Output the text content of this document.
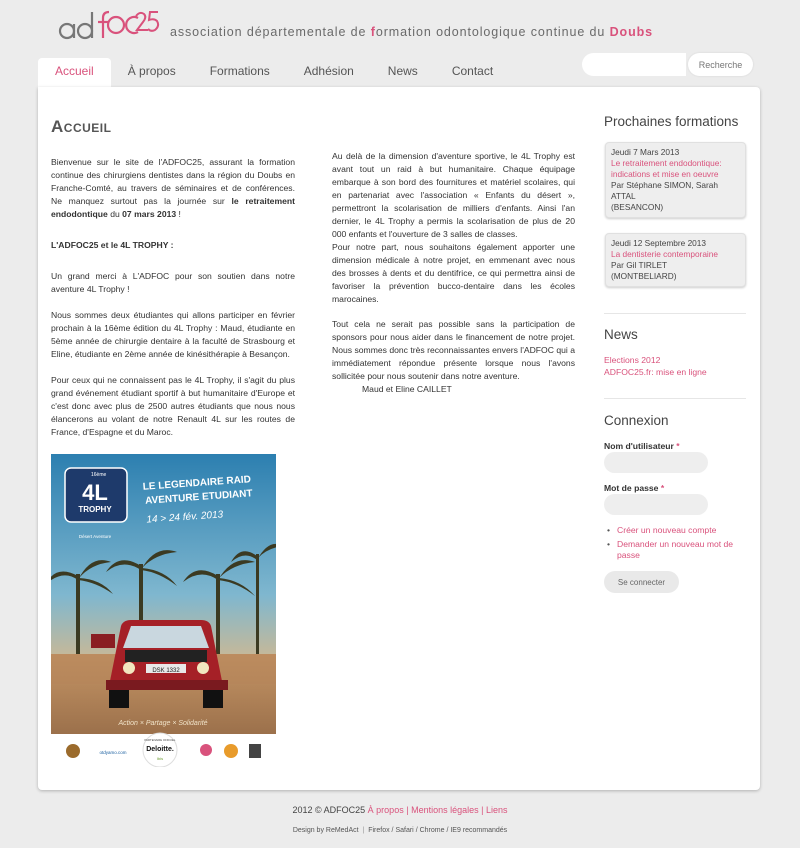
association départementale de formation odontologique continue du Doubs
Accueil	À propos	Formations	Adhésion	News	Contact	Recherche
Accueil

Bienvenue sur le site de l'ADFOC25, assurant la formation continue des chirurgiens dentistes dans la région du Doubs en Franche-Comté, au travers de séminaires et de conférences. Ne manquez surtout pas la journée sur le retraitement endodontique du 07 mars 2013 !

L'ADFOC25 et le 4L TROPHY :

Un grand merci à L'ADFOC pour son soutien dans notre aventure 4L Trophy !

Nous sommes deux étudiantes qui allons participer en février prochain à la 16ème édition du 4L Trophy : Maud, étudiante en 5ème année de chirurgie dentaire à la faculté de Strasbourg et Eline, étudiante en 2ème année de kinésithérapie à Besançon.

Pour ceux qui ne connaissent pas le 4L Trophy, il s'agit du plus grand événement étudiant sportif à but humanitaire d'Europe et c'est donc avec plus de 2500 autres étudiants que nous nous élancerons au volant de notre Renault 4L sur les routes de France, d'Espagne et du Maroc.

Au delà de la dimension d'aventure sportive, le 4L Trophy est avant tout un raid à but humanitaire. Chaque équipage embarque à son bord des fournitures et matériel scolaires, qui en partenariat avec l'association « Enfants du désert », permettront la scolarisation de milliers d'enfants. Ainsi l'an dernier, le 4L Trophy a permis la scolarisation de plus de 20 000 enfants et l'ouverture de 3 salles de classes.

Pour notre part, nous souhaitons également apporter une dimension médicale à notre projet, en emmenant avec nous des brosses à dents et du dentifrice, ce qui permettra ainsi de favoriser la prévention bucco-dentaire dans les écoles marocaines.

Tout cela ne serait pas possible sans la participation de sponsors pour nous aider dans le financement de notre projet. Nous sommes donc très reconnaissantes envers l'ADFOC qui a immédiatement répondue présente lorsque nous l'avons sollicitée pour nous soutenir dans notre aventure.

Maud et Eline CAILLET

DSK 1332
otdyamo.com
PARTENAIRE OFFICIEL
Deloitte.
Ibis
16ème
4L
TROPHY
Désert Aventure
LE LEGENDAIRE RAID
AVENTURE ETUDIANT
14 > 24 fév. 2013
Action × Partage × Solidarité
Prochaines formations
Jeudi 7 Mars 2013
Le retraitement endodontique: indications et mise en oeuvre
Par Stéphane SIMON, Sarah ATTAL
(BESANCON)
Jeudi 12 Septembre 2013
La dentisterie contemporaine
Par Gil TIRLET
(MONTBELIARD)
News
Elections 2012
ADFOC25.fr: mise en ligne
Connexion
Nom d'utilisateur *
Mot de passe *
• Créer un nouveau compte
• Demander un nouveau mot de passe
Se connecter
2012 © ADFOC25 À propos | Mentions légales | Liens
Design by ReMedAct  |  Firefox / Safari / Chrome / IE9 recommandés
